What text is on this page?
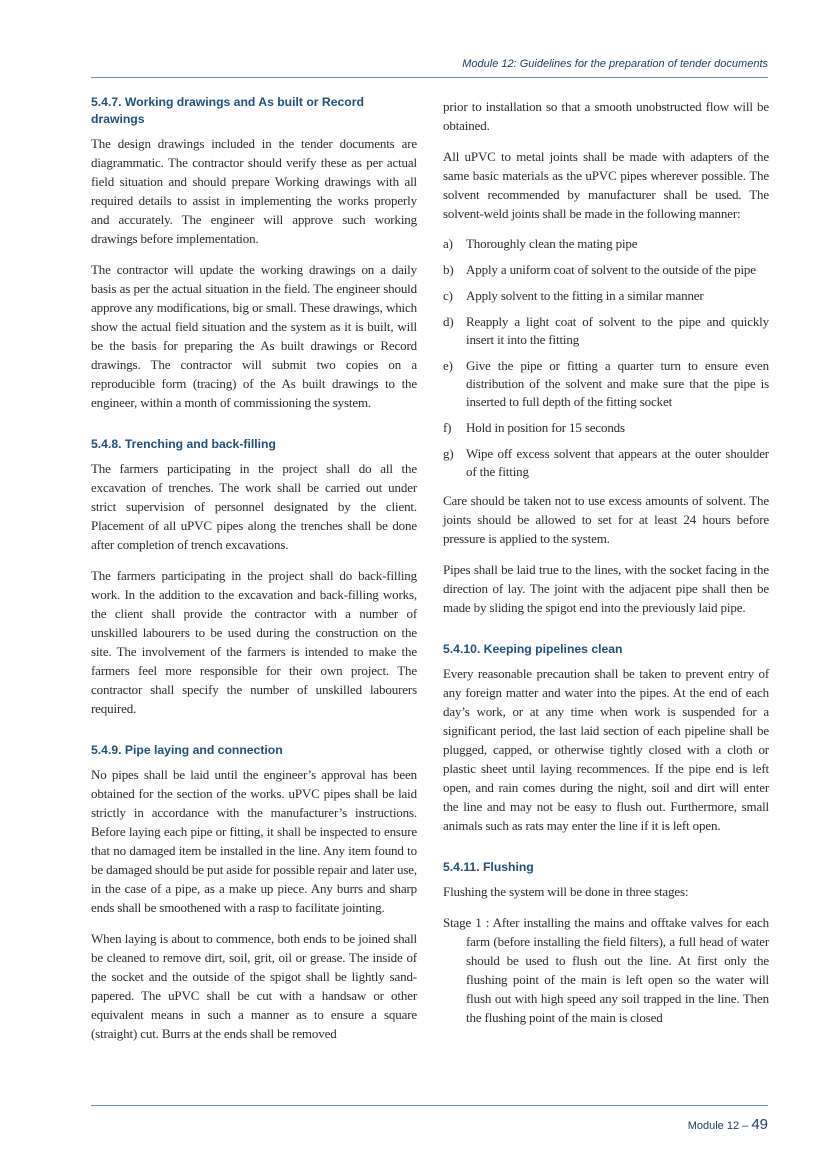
Module 12: Guidelines for the preparation of tender documents
5.4.7. Working drawings and As built or Record drawings

The design drawings included in the tender documents are diagrammatic. The contractor should verify these as per actual field situation and should prepare Working drawings with all required details to assist in implementing the works properly and accurately. The engineer will approve such working drawings before implementation.

The contractor will update the working drawings on a daily basis as per the actual situation in the field. The engineer should approve any modifications, big or small. These drawings, which show the actual field situation and the system as it is built, will be the basis for preparing the As built drawings or Record drawings. The contractor will submit two copies on a reproducible form (tracing) of the As built drawings to the engineer, within a month of commissioning the system.

5.4.8. Trenching and back-filling

The farmers participating in the project shall do all the excavation of trenches. The work shall be carried out under strict supervision of personnel designated by the client. Placement of all uPVC pipes along the trenches shall be done after completion of trench excavations.

The farmers participating in the project shall do back-filling work. In the addition to the excavation and back-filling works, the client shall provide the contractor with a number of unskilled labourers to be used during the construction on the site. The involvement of the farmers is intended to make the farmers feel more responsible for their own project. The contractor shall specify the number of unskilled labourers required.

5.4.9. Pipe laying and connection

No pipes shall be laid until the engineer’s approval has been obtained for the section of the works. uPVC pipes shall be laid strictly in accordance with the manufacturer’s instructions. Before laying each pipe or fitting, it shall be inspected to ensure that no damaged item be installed in the line. Any item found to be damaged should be put aside for possible repair and later use, in the case of a pipe, as a make up piece. Any burrs and sharp ends shall be smoothened with a rasp to facilitate jointing.

When laying is about to commence, both ends to be joined shall be cleaned to remove dirt, soil, grit, oil or grease. The inside of the socket and the outside of the spigot shall be lightly sand-papered. The uPVC shall be cut with a handsaw or other equivalent means in such a manner as to ensure a square (straight) cut. Burrs at the ends shall be removed

prior to installation so that a smooth unobstructed flow will be obtained.

All uPVC to metal joints shall be made with adapters of the same basic materials as the uPVC pipes wherever possible. The solvent recommended by manufacturer shall be used. The solvent-weld joints shall be made in the following manner:

a) Thoroughly clean the mating pipe
b) Apply a uniform coat of solvent to the outside of the pipe
c) Apply solvent to the fitting in a similar manner
d) Reapply a light coat of solvent to the pipe and quickly insert it into the fitting
e) Give the pipe or fitting a quarter turn to ensure even distribution of the solvent and make sure that the pipe is inserted to full depth of the fitting socket
f) Hold in position for 15 seconds
g) Wipe off excess solvent that appears at the outer shoulder of the fitting

Care should be taken not to use excess amounts of solvent. The joints should be allowed to set for at least 24 hours before pressure is applied to the system.

Pipes shall be laid true to the lines, with the socket facing in the direction of lay. The joint with the adjacent pipe shall then be made by sliding the spigot end into the previously laid pipe.

5.4.10. Keeping pipelines clean

Every reasonable precaution shall be taken to prevent entry of any foreign matter and water into the pipes. At the end of each day’s work, or at any time when work is suspended for a significant period, the last laid section of each pipeline shall be plugged, capped, or otherwise tightly closed with a cloth or plastic sheet until laying recommences. If the pipe end is left open, and rain comes during the night, soil and dirt will enter the line and may not be easy to flush out. Furthermore, small animals such as rats may enter the line if it is left open.

5.4.11. Flushing

Flushing the system will be done in three stages:

Stage 1 : After installing the mains and offtake valves for each farm (before installing the field filters), a full head of water should be used to flush out the line. At first only the flushing point of the main is left open so the water will flush out with high speed any soil trapped in the line. Then the flushing point of the main is closed
Module 12 – 49
